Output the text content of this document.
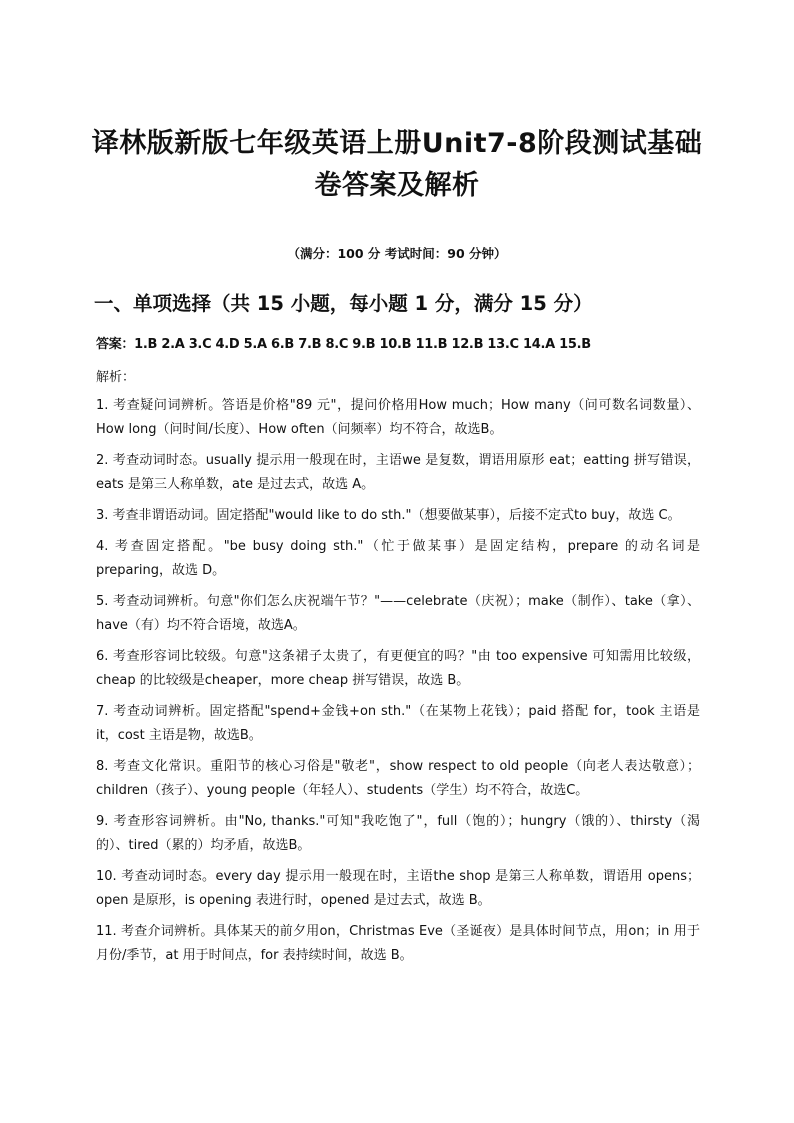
译林版新版七年级英语上册Unit7-8阶段测试基础
卷答案及解析
（满分：100 分 考试时间：90 分钟）
一、单项选择（共 15 小题，每小题 1 分，满分 15 分）
答案：1.B 2.A 3.C 4.D 5.A 6.B 7.B 8.C 9.B 10.B 11.B 12.B 13.C 14.A 15.B
解析：

1. 考查疑问词辨析。答语是价格"89 元"，提问价格用How much；How many（问可数名词数量）、How long（问时间/长度）、How often（问频率）均不符合，故选B。

2. 考查动词时态。usually 提示用一般现在时，主语we 是复数，谓语用原形 eat；eatting 拼写错误，eats 是第三人称单数，ate 是过去式，故选 A。

3. 考查非谓语动词。固定搭配"would like to do sth."（想要做某事），后接不定式to buy，故选 C。

4. 考查固定搭配。"be busy doing sth."（忙于做某事）是固定结构，prepare 的动名词是 preparing，故选 D。

5. 考查动词辨析。句意"你们怎么庆祝端午节？"——celebrate（庆祝）；make（制作）、take（拿）、have（有）均不符合语境，故选A。

6. 考查形容词比较级。句意"这条裙子太贵了，有更便宜的吗？"由 too expensive 可知需用比较级，cheap 的比较级是cheaper，more cheap 拼写错误，故选 B。

7. 考查动词辨析。固定搭配"spend+金钱+on sth."（在某物上花钱）；paid 搭配 for，took 主语是 it，cost 主语是物，故选B。

8. 考查文化常识。重阳节的核心习俗是"敬老"，show respect to old people（向老人表达敬意）；children（孩子）、young people（年轻人）、students（学生）均不符合，故选C。

9. 考查形容词辨析。由"No, thanks."可知"我吃饱了"，full（饱的）；hungry（饿的）、thirsty（渴的）、tired（累的）均矛盾，故选B。

10. 考查动词时态。every day 提示用一般现在时，主语the shop 是第三人称单数，谓语用 opens；open 是原形，is opening 表进行时，opened 是过去式，故选 B。

11. 考查介词辨析。具体某天的前夕用on，Christmas Eve（圣诞夜）是具体时间节点，用on；in 用于月份/季节，at 用于时间点，for 表持续时间，故选 B。
